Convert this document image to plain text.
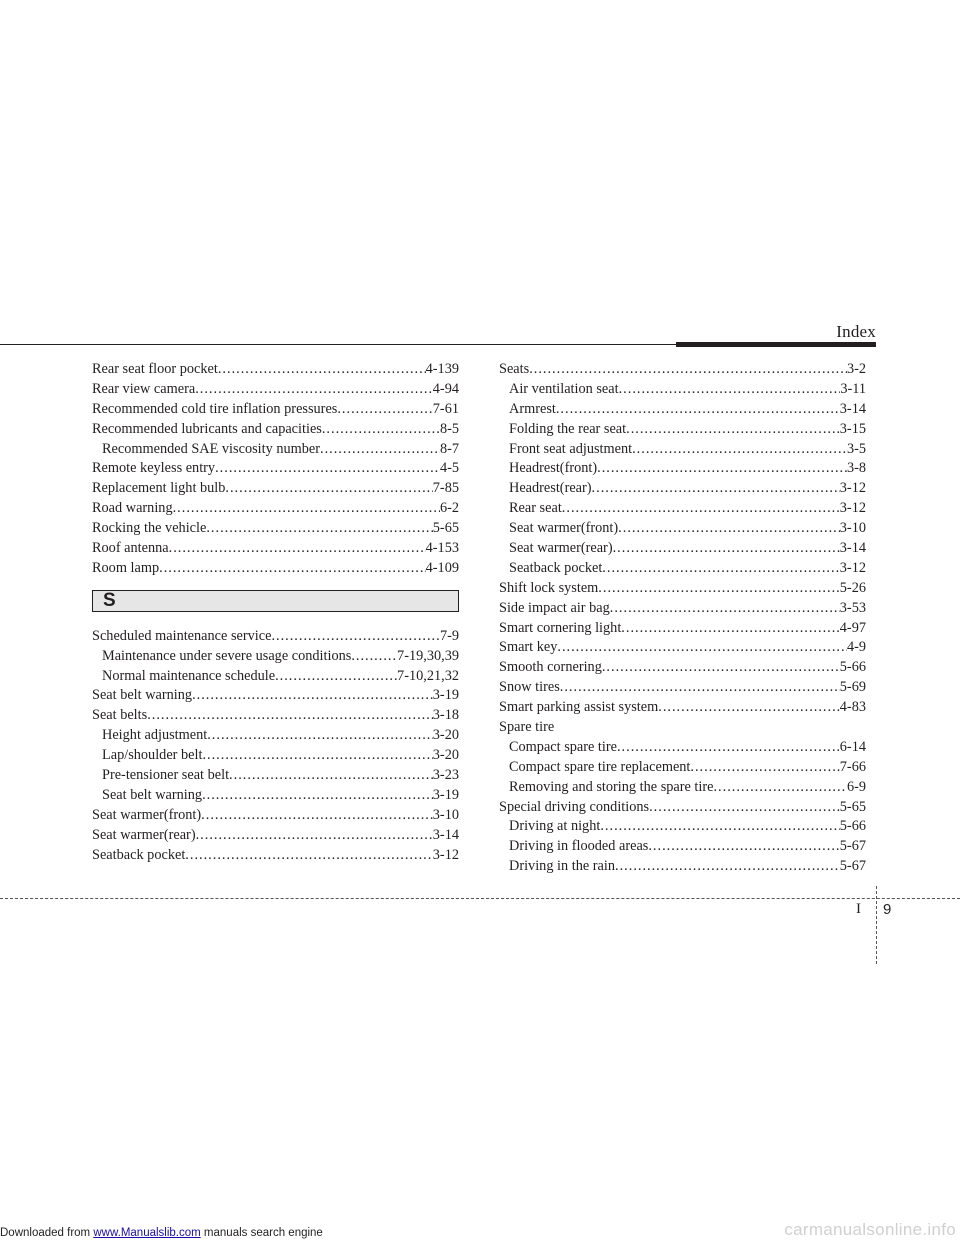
Index
Rear seat floor pocket .....	4-139
Rear view camera .....	4-94
Recommended cold tire inflation pressures .....	7-61
Recommended lubricants and capacities .....	8-5
Recommended SAE viscosity number .....	8-7
Remote keyless entry .....	4-5
Replacement light bulb .....	7-85
Road warning .....	6-2
Rocking the vehicle .....	5-65
Roof antenna .....	4-153
Room lamp .....	4-109
S
Scheduled maintenance service .....	7-9
Maintenance under severe usage conditions .....	7-19,30,39
Normal maintenance schedule .....	7-10,21,32
Seat belt warning .....	3-19
Seat belts .....	3-18
Height adjustment .....	3-20
Lap/shoulder belt .....	3-20
Pre-tensioner seat belt .....	3-23
Seat belt warning .....	3-19
Seat warmer(front) .....	3-10
Seat warmer(rear) .....	3-14
Seatback pocket .....	3-12
Seats .....	3-2
Air ventilation seat .....	3-11
Armrest .....	3-14
Folding the rear seat .....	3-15
Front seat adjustment .....	3-5
Headrest(front) .....	3-8
Headrest(rear) .....	3-12
Rear seat .....	3-12
Seat warmer(front) .....	3-10
Seat warmer(rear) .....	3-14
Seatback pocket .....	3-12
Shift lock system .....	5-26
Side impact air bag .....	3-53
Smart cornering light .....	4-97
Smart key .....	4-9
Smooth cornering .....	5-66
Snow tires .....	5-69
Smart parking assist system .....	4-83
Spare tire
Compact spare tire .....	6-14
Compact spare tire replacement .....	7-66
Removing and storing the spare tire .....	6-9
Special driving conditions .....	5-65
Driving at night .....	5-66
Driving in flooded areas .....	5-67
Driving in the rain .....	5-67
I 9
Downloaded from www.Manualslib.com manuals search engine	carmanualsonline.info
